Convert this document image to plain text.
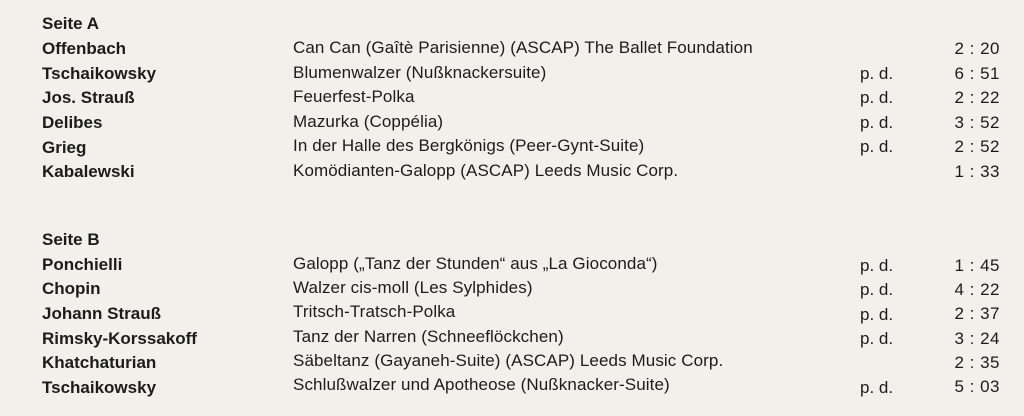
Seite A
Offenbach	Can Can (Gaîtè Parisienne) (ASCAP) The Ballet Foundation	2 : 20
Tschaikowsky	Blumenwalzer (Nußknackersuite)	p. d.	6 : 51
Jos. Strauß	Feuerfest-Polka	p. d.	2 : 22
Delibes	Mazurka (Coppélia)	p. d.	3 : 52
Grieg	In der Halle des Bergkönigs (Peer-Gynt-Suite)	p. d.	2 : 52
Kabalewski	Komödianten-Galopp (ASCAP) Leeds Music Corp.	1 : 33
Seite B
Ponchielli	Galopp („Tanz der Stunden“ aus „La Gioconda“)	p. d.	1 : 45
Chopin	Walzer cis-moll (Les Sylphides)	p. d.	4 : 22
Johann Strauß	Tritsch-Tratsch-Polka	p. d.	2 : 37
Rimsky-Korssakoff	Tanz der Narren (Schneeflöckchen)	p. d.	3 : 24
Khatchaturian	Säbeltanz (Gayaneh-Suite) (ASCAP) Leeds Music Corp.	2 : 35
Tschaikowsky	Schlußwalzer und Apotheose (Nußknacker-Suite)	p. d.	5 : 03
